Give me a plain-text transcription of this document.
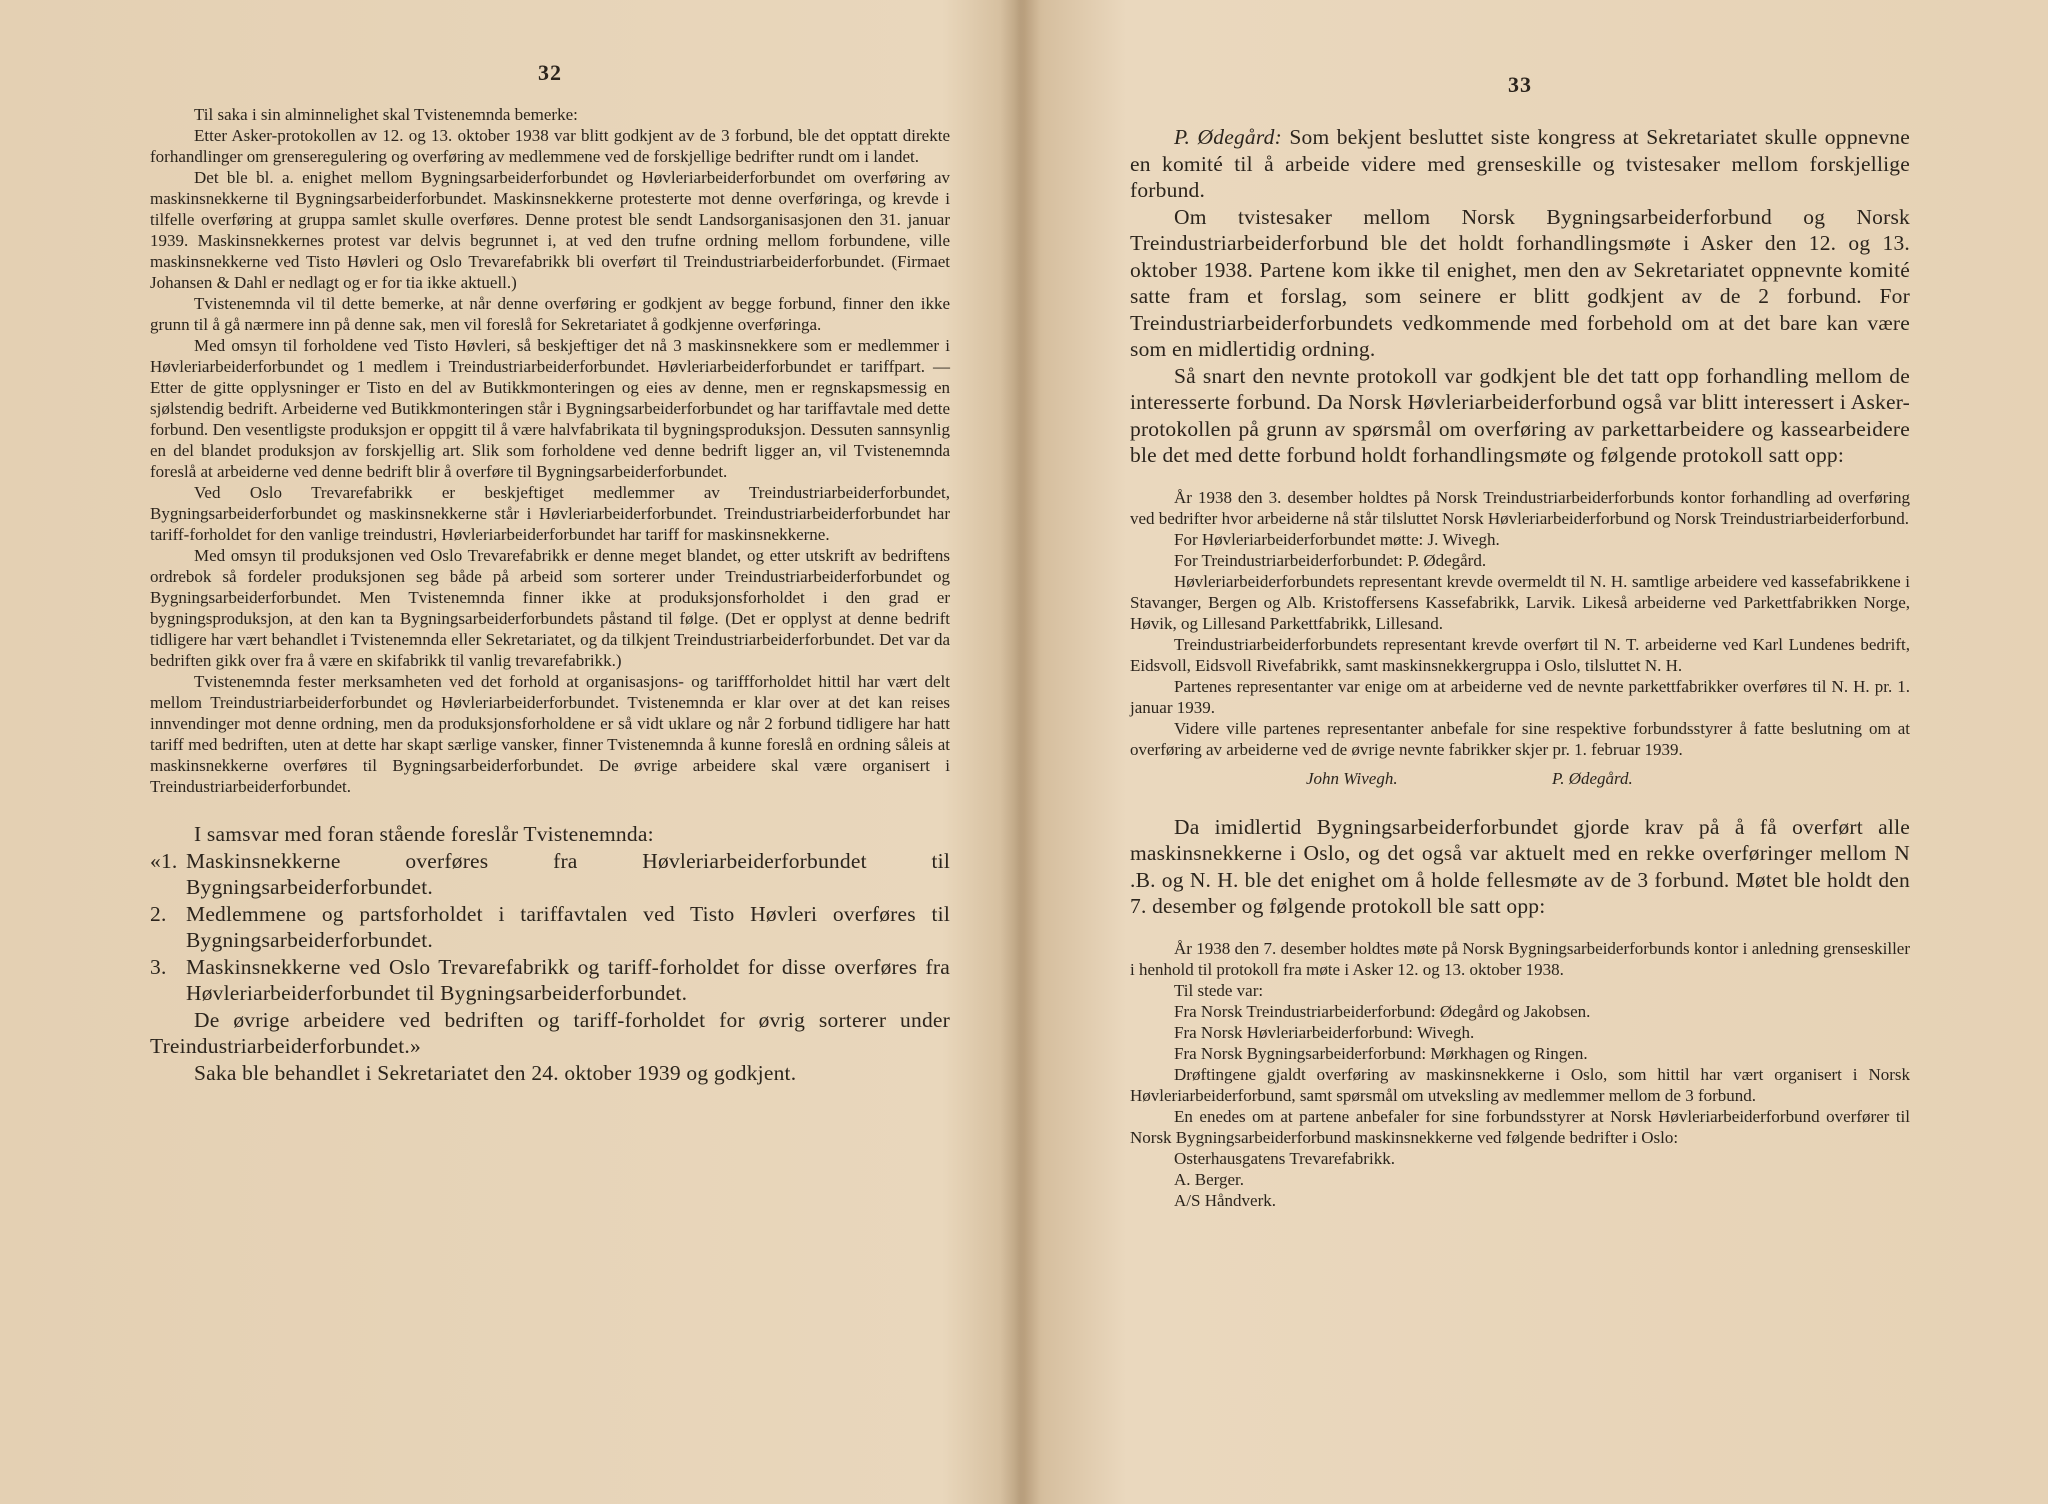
32

Til saka i sin alminnelighet skal Tvistenemnda bemerke:

Etter Asker-protokollen av 12. og 13. oktober 1938 var blitt godkjent av de 3 forbund, ble det opptatt direkte forhandlinger om grenseregulering og overføring av medlemmene ved de forskjellige bedrifter rundt om i landet.

Det ble bl. a. enighet mellom Bygningsarbeiderforbundet og Høvleriarbeiderforbundet om overføring av maskinsnekkerne til Bygningsarbeiderforbundet. Maskinsnekkerne protesterte mot denne overføringa, og krevde i tilfelle overføring at gruppa samlet skulle overføres. Denne protest ble sendt Landsorganisasjonen den 31. januar 1939. Maskinsnekkernes protest var delvis begrunnet i, at ved den trufne ordning mellom forbundene, ville maskinsnekkerne ved Tisto Høvleri og Oslo Trevarefabrikk bli overført til Treindustriarbeiderforbundet. (Firmaet Johansen & Dahl er nedlagt og er for tia ikke aktuell.)

Tvistenemnda vil til dette bemerke, at når denne overføring er godkjent av begge forbund, finner den ikke grunn til å gå nærmere inn på denne sak, men vil foreslå for Sekretariatet å godkjenne overføringa.

Med omsyn til forholdene ved Tisto Høvleri, så beskjeftiger det nå 3 maskinsnekkere som er medlemmer i Høvleriarbeiderforbundet og 1 medlem i Treindustriarbeiderforbundet. Høvleriarbeiderforbundet er tariffpart. — Etter de gitte opplysninger er Tisto en del av Butikkmonteringen og eies av denne, men er regnskapsmessig en sjølstendig bedrift. Arbeiderne ved Butikkmonteringen står i Bygningsarbeiderforbundet og har tariffavtale med dette forbund. Den vesentligste produksjon er oppgitt til å være halvfabrikata til bygningsproduksjon. Dessuten sannsynlig en del blandet produksjon av forskjellig art. Slik som forholdene ved denne bedrift ligger an, vil Tvistenemnda foreslå at arbeiderne ved denne bedrift blir å overføre til Bygningsarbeiderforbundet.

Ved Oslo Trevarefabrikk er beskjeftiget medlemmer av Treindustriarbeiderforbundet, Bygningsarbeiderforbundet og maskinsnekkerne står i Høvleriarbeiderforbundet. Treindustriarbeiderforbundet har tariff-forholdet for den vanlige treindustri, Høvleriarbeiderforbundet har tariff for maskinsnekkerne.

Med omsyn til produksjonen ved Oslo Trevarefabrikk er denne meget blandet, og etter utskrift av bedriftens ordrebok så fordeler produksjonen seg både på arbeid som sorterer under Treindustriarbeiderforbundet og Bygningsarbeiderforbundet. Men Tvistenemnda finner ikke at produksjonsforholdet i den grad er bygningsproduksjon, at den kan ta Bygningsarbeiderforbundets påstand til følge. (Det er opplyst at denne bedrift tidligere har vært behandlet i Tvistenemnda eller Sekretariatet, og da tilkjent Treindustriarbeiderforbundet. Det var da bedriften gikk over fra å være en skifabrikk til vanlig trevarefabrikk.)

Tvistenemnda fester merksamheten ved det forhold at organisasjons- og tariffforholdet hittil har vært delt mellom Treindustriarbeiderforbundet og Høvleriarbeiderforbundet. Tvistenemnda er klar over at det kan reises innvendinger mot denne ordning, men da produksjonsforholdene er så vidt uklare og når 2 forbund tidligere har hatt tariff med bedriften, uten at dette har skapt særlige vansker, finner Tvistenemnda å kunne foreslå en ordning såleis at maskinsnekkerne overføres til Bygningsarbeiderforbundet. De øvrige arbeidere skal være organisert i Treindustriarbeiderforbundet.

I samsvar med foran stående foreslår Tvistenemnda:

«1. Maskinsnekkerne overføres fra Høvleriarbeiderforbundet til Bygningsarbeiderforbundet.
2. Medlemmene og partsforholdet i tariffavtalen ved Tisto Høvleri overføres til Bygningsarbeiderforbundet.
3. Maskinsnekkerne ved Oslo Trevarefabrikk og tariff-forholdet for disse overføres fra Høvleriarbeiderforbundet til Bygningsarbeiderforbundet.

De øvrige arbeidere ved bedriften og tariff-forholdet for øvrig sorterer under Treindustriarbeiderforbundet.»

Saka ble behandlet i Sekretariatet den 24. oktober 1939 og godkjent.

33

P. Ødegård: Som bekjent besluttet siste kongress at Sekretariatet skulle oppnevne en komité til å arbeide videre med grenseskille og tvistesaker mellom forskjellige forbund.

Om tvistesaker mellom Norsk Bygningsarbeiderforbund og Norsk Treindustriarbeiderforbund ble det holdt forhandlingsmøte i Asker den 12. og 13. oktober 1938. Partene kom ikke til enighet, men den av Sekretariatet oppnevnte komité satte fram et forslag, som seinere er blitt godkjent av de 2 forbund. For Treindustriarbeiderforbundets vedkommende med forbehold om at det bare kan være som en midlertidig ordning.

Så snart den nevnte protokoll var godkjent ble det tatt opp forhandling mellom de interesserte forbund. Da Norsk Høvleriarbeiderforbund også var blitt interessert i Asker-protokollen på grunn av spørsmål om overføring av parkettarbeidere og kassearbeidere ble det med dette forbund holdt forhandlingsmøte og følgende protokoll satt opp:

År 1938 den 3. desember holdtes på Norsk Treindustriarbeiderforbunds kontor forhandling ad overføring ved bedrifter hvor arbeiderne nå står tilsluttet Norsk Høvleriarbeiderforbund og Norsk Treindustriarbeiderforbund.

For Høvleriarbeiderforbundet møtte: J. Wivegh.

For Treindustriarbeiderforbundet: P. Ødegård.

Høvleriarbeiderforbundets representant krevde overmeldt til N. H. samtlige arbeidere ved kassefabrikkene i Stavanger, Bergen og Alb. Kristoffersens Kassefabrikk, Larvik. Likeså arbeiderne ved Parkettfabrikken Norge, Høvik, og Lillesand Parkettfabrikk, Lillesand.

Treindustriarbeiderforbundets representant krevde overført til N. T. arbeiderne ved Karl Lundenes bedrift, Eidsvoll, Eidsvoll Rivefabrikk, samt maskinsnekkergruppa i Oslo, tilsluttet N. H.

Partenes representanter var enige om at arbeiderne ved de nevnte parkettfabrikker overføres til N. H. pr. 1. januar 1939.

Videre ville partenes representanter anbefale for sine respektive forbundsstyrer å fatte beslutning om at overføring av arbeiderne ved de øvrige nevnte fabrikker skjer pr. 1. februar 1939.

John Wivegh.	P. Ødegård.

Da imidlertid Bygningsarbeiderforbundet gjorde krav på å få overført alle maskinsnekkerne i Oslo, og det også var aktuelt med en rekke overføringer mellom N .B. og N. H. ble det enighet om å holde fellesmøte av de 3 forbund. Møtet ble holdt den 7. desember og følgende protokoll ble satt opp:

År 1938 den 7. desember holdtes møte på Norsk Bygningsarbeiderforbunds kontor i anledning grenseskiller i henhold til protokoll fra møte i Asker 12. og 13. oktober 1938.

Til stede var:

Fra Norsk Treindustriarbeiderforbund: Ødegård og Jakobsen.

Fra Norsk Høvleriarbeiderforbund: Wivegh.

Fra Norsk Bygningsarbeiderforbund: Mørkhagen og Ringen.

Drøftingene gjaldt overføring av maskinsnekkerne i Oslo, som hittil har vært organisert i Norsk Høvleriarbeiderforbund, samt spørsmål om utveksling av medlemmer mellom de 3 forbund.

En enedes om at partene anbefaler for sine forbundsstyrer at Norsk Høvleriarbeiderforbund overfører til Norsk Bygningsarbeiderforbund maskinsnekkerne ved følgende bedrifter i Oslo:

Osterhausgatens Trevarefabrikk.

A. Berger.

A/S Håndverk.
